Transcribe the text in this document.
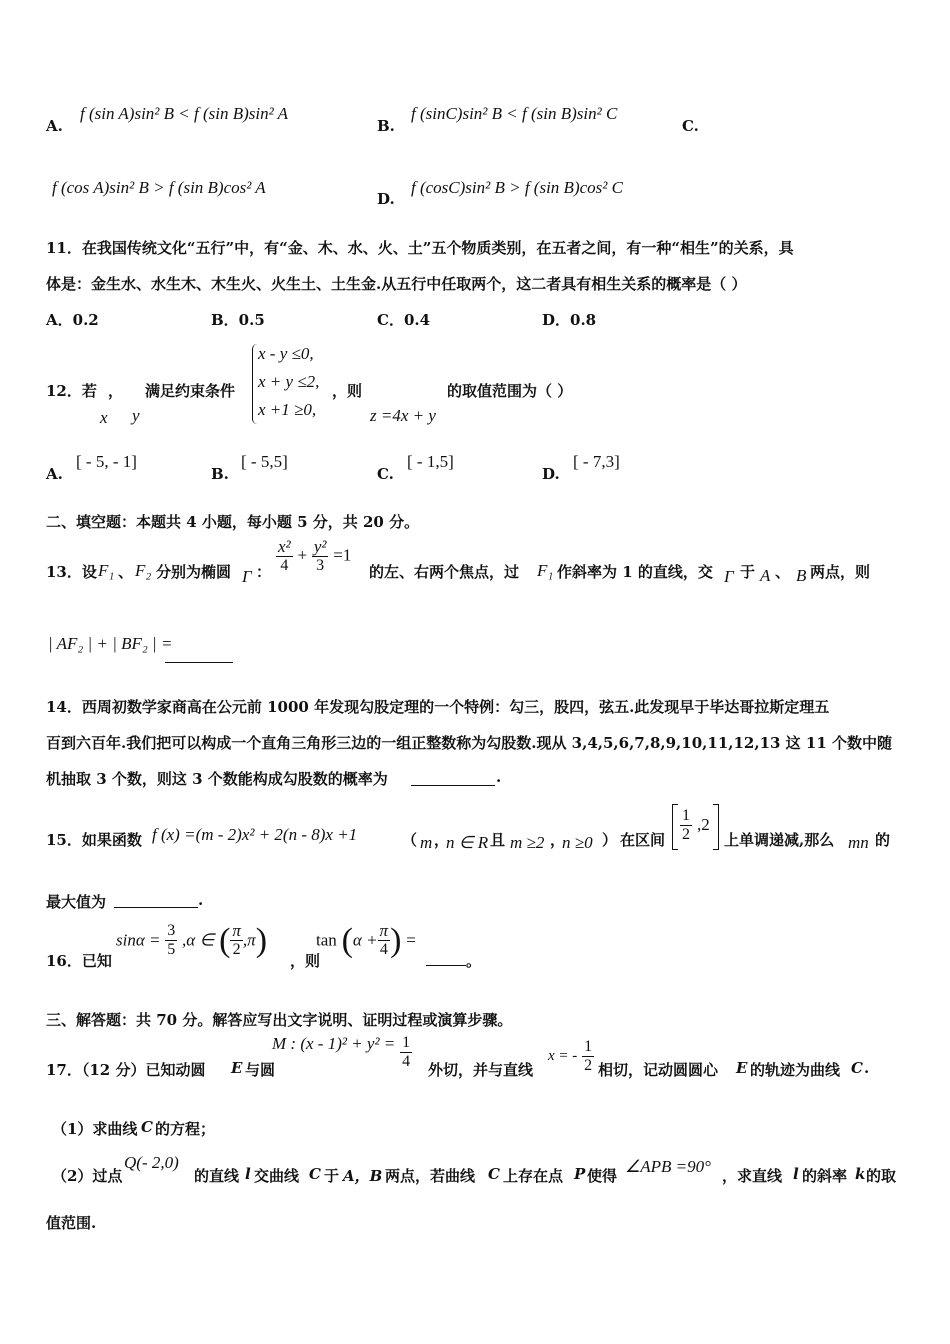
A.
f (sin A)sin² B < f (sin B)sin² A
B.
f (sinC)sin² B < f (sin B)sin² C
C.
f (cos A)sin² B > f (sin B)cos² A
D.
f (cosC)sin² B > f (sin B)cos² C
11．在我国传统文化“五行”中，有“金、木、水、火、土”五个物质类别，在五者之间，有一种“相生”的关系，具
体是：金生水、水生木、木生火、火生土、土生金.从五行中任取两个，这二者具有相生关系的概率是（ ）
A．0.2	B．0.5	C．0.4	D．0.8
12．若 ，
x y
满足约束条件
x - y ≤0,
x + y ≤2,
x +1 ≥0,
，则
z =4x + y
的取值范围为（ ）
A.
[ - 5, - 1]
B.
[ - 5,5]
C.
[ - 1,5]
D.
[ - 7,3]
二、填空题：本题共 4 小题，每小题 5 分，共 20 分。
13．设 F₁ 、 F₂ 分别为椭圆 Γ ： $\frac{\text{x²}}{4} + \frac{\text{y²}}{3} =1$
的左、右两个焦点，过 F₁ 作斜率为 1 的直线，交 Γ 于 A 、 B 两点，则
| AF₂ | + | BF₂ | =
14．西周初数学家商高在公元前 1000 年发现勾股定理的一个特例：勾三，股四，弦五.此发现早于毕达哥拉斯定理五
百到六百年.我们把可以构成一个直角三角形三边的一组正整数称为勾股数.现从 3,4,5,6,7,8,9,10,11,12,13 这 11 个数中随
机抽取 3 个数，则这 3 个数能构成勾股数的概率为	.
15．如果函数 f (x) =(m - 2)x² + 2(n - 8)x +1	（ m ，
n ∈ R 且 m ≥2 ，
n ≥0 ） 在区间 $\frac{1}{2} ,2$
上单调递减,那么 mn 的
最大值为	.
16．已知
$\sin\alpha = \frac{3}{5} ,\alpha$ ∈ ( $\frac{\pi}{2} ,\pi$)
，则
$\tan (\alpha + \frac{\pi}{4}$ ) =
。
三、解答题：共 70 分。解答应写出文字说明、证明过程或演算步骤。
17．（12 分）已知动圆 E 与圆
M : $(x - 1)^2 + y^2 = \frac{1}{4}$ 外切，并与直线
x = - $\frac{1}{2}$ 相切，记动圆圆心 E 的轨迹为曲线 C .
（1）求曲线 C 的方程；
（2）过点
Q(- 2,0)
的直线 l 交曲线 C 于 A，B 两点，若曲线 C 上存在点 P 使得 ∠APB =90° ，求直线 l 的斜率 k 的取
值范围.
